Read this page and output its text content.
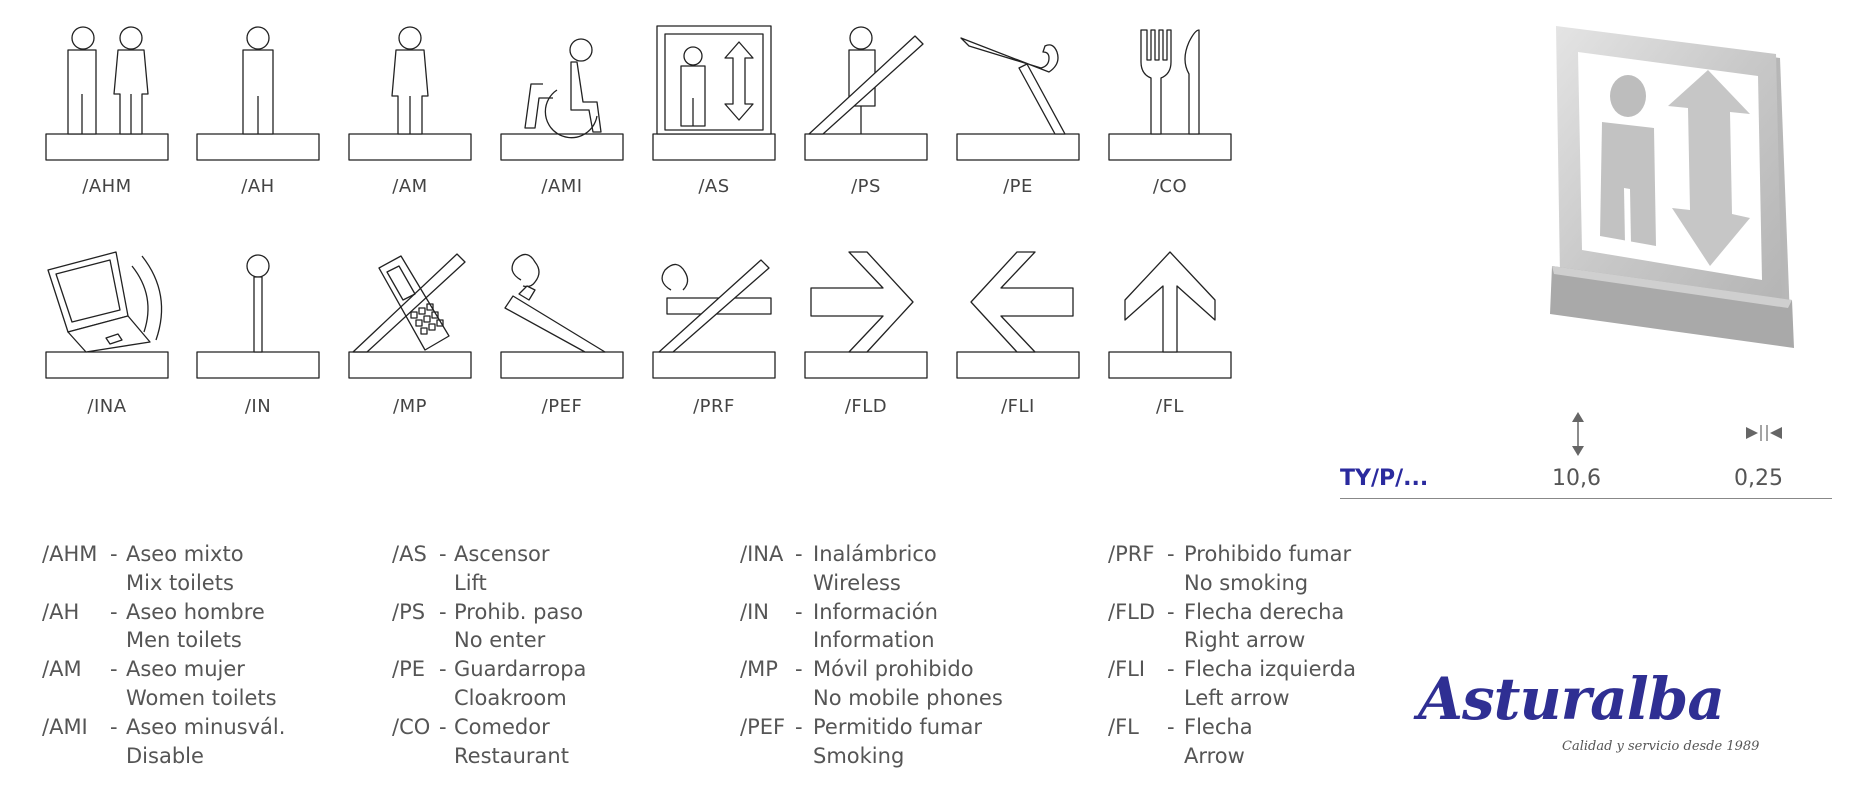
/AHM	/AH	/AM	/AMI	/AS	/PS	/PE	/CO
/INA	/IN	/MP	/PEF	/PRF	/FLD	/FLI	/FL
TY/P/...	10,6	0,25
/AHM - Aseo mixto
Mix toilets
/AH - Aseo hombre
Men toilets
/AM - Aseo mujer
Women toilets
/AMI - Aseo minusvál.
Disable
/AS - Ascensor
Lift
/PS - Prohib. paso
No enter
/PE - Guardarropa
Cloakroom
/CO - Comedor
Restaurant
/INA - Inalámbrico
Wireless
/IN - Información
Information
/MP - Móvil prohibido
No mobile phones
/PEF - Permitido fumar
Smoking
/PRF - Prohibido fumar
No smoking
/FLD - Flecha derecha
Right arrow
/FLI - Flecha izquierda
Left arrow
/FL - Flecha
Arrow
Asturalba
Calidad y servicio desde 1989
